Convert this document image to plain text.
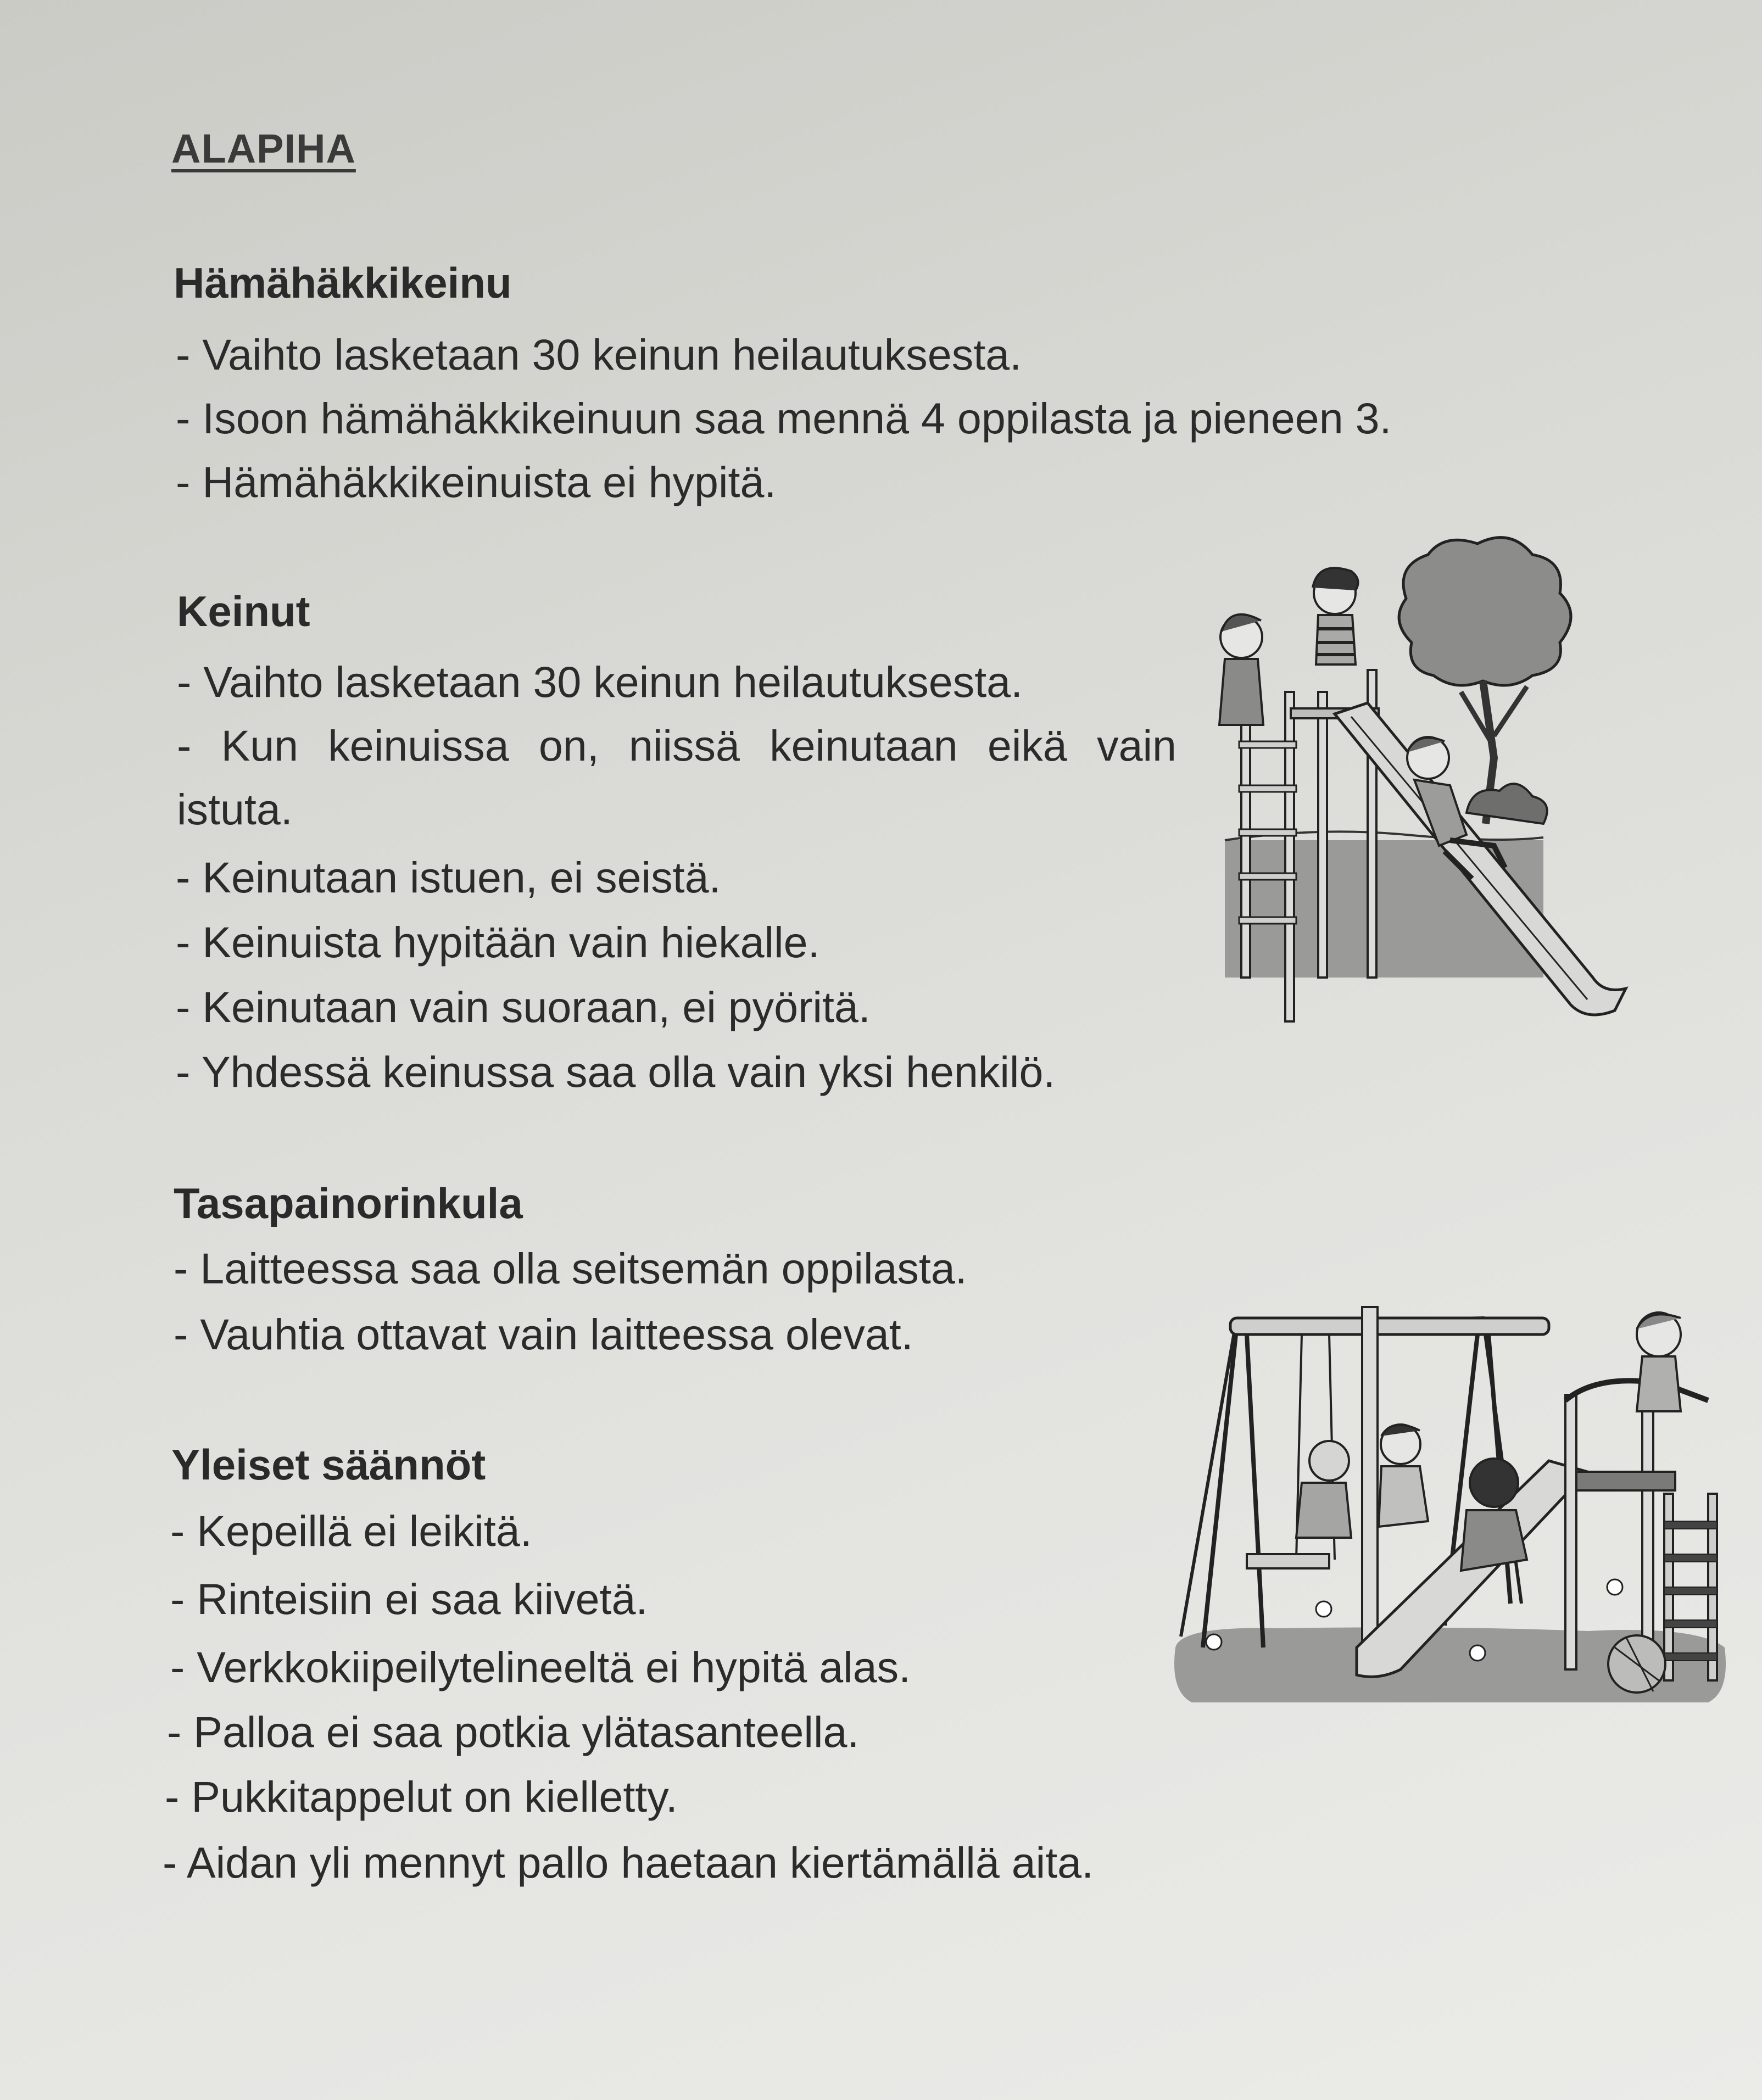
ALAPIHA
Hämähäkkikeinu
- Vaihto lasketaan 30 keinun heilautuksesta.
- Isoon hämähäkkikeinuun saa mennä 4 oppilasta ja pieneen 3.
- Hämähäkkikeinuista ei hypitä.
Keinut
- Vaihto lasketaan 30 keinun heilautuksesta.
- Kun keinuissa on, niissä keinutaan eikä vain
istuta.
- Keinutaan istuen, ei seistä.
- Keinuista hypitään vain hiekalle.
- Keinutaan vain suoraan, ei pyöritä.
- Yhdessä keinussa saa olla vain yksi henkilö.
Tasapainorinkula
- Laitteessa saa olla seitsemän oppilasta.
- Vauhtia ottavat vain laitteessa olevat.
Yleiset säännöt
- Kepeillä ei leikitä.
- Rinteisiin ei saa kiivetä.
- Verkkokiipeilytelineeltä ei hypitä alas.
- Palloa ei saa potkia ylätasanteella.
- Pukkitappelut on kielletty.
- Aidan yli mennyt pallo haetaan kiertämällä aita.
